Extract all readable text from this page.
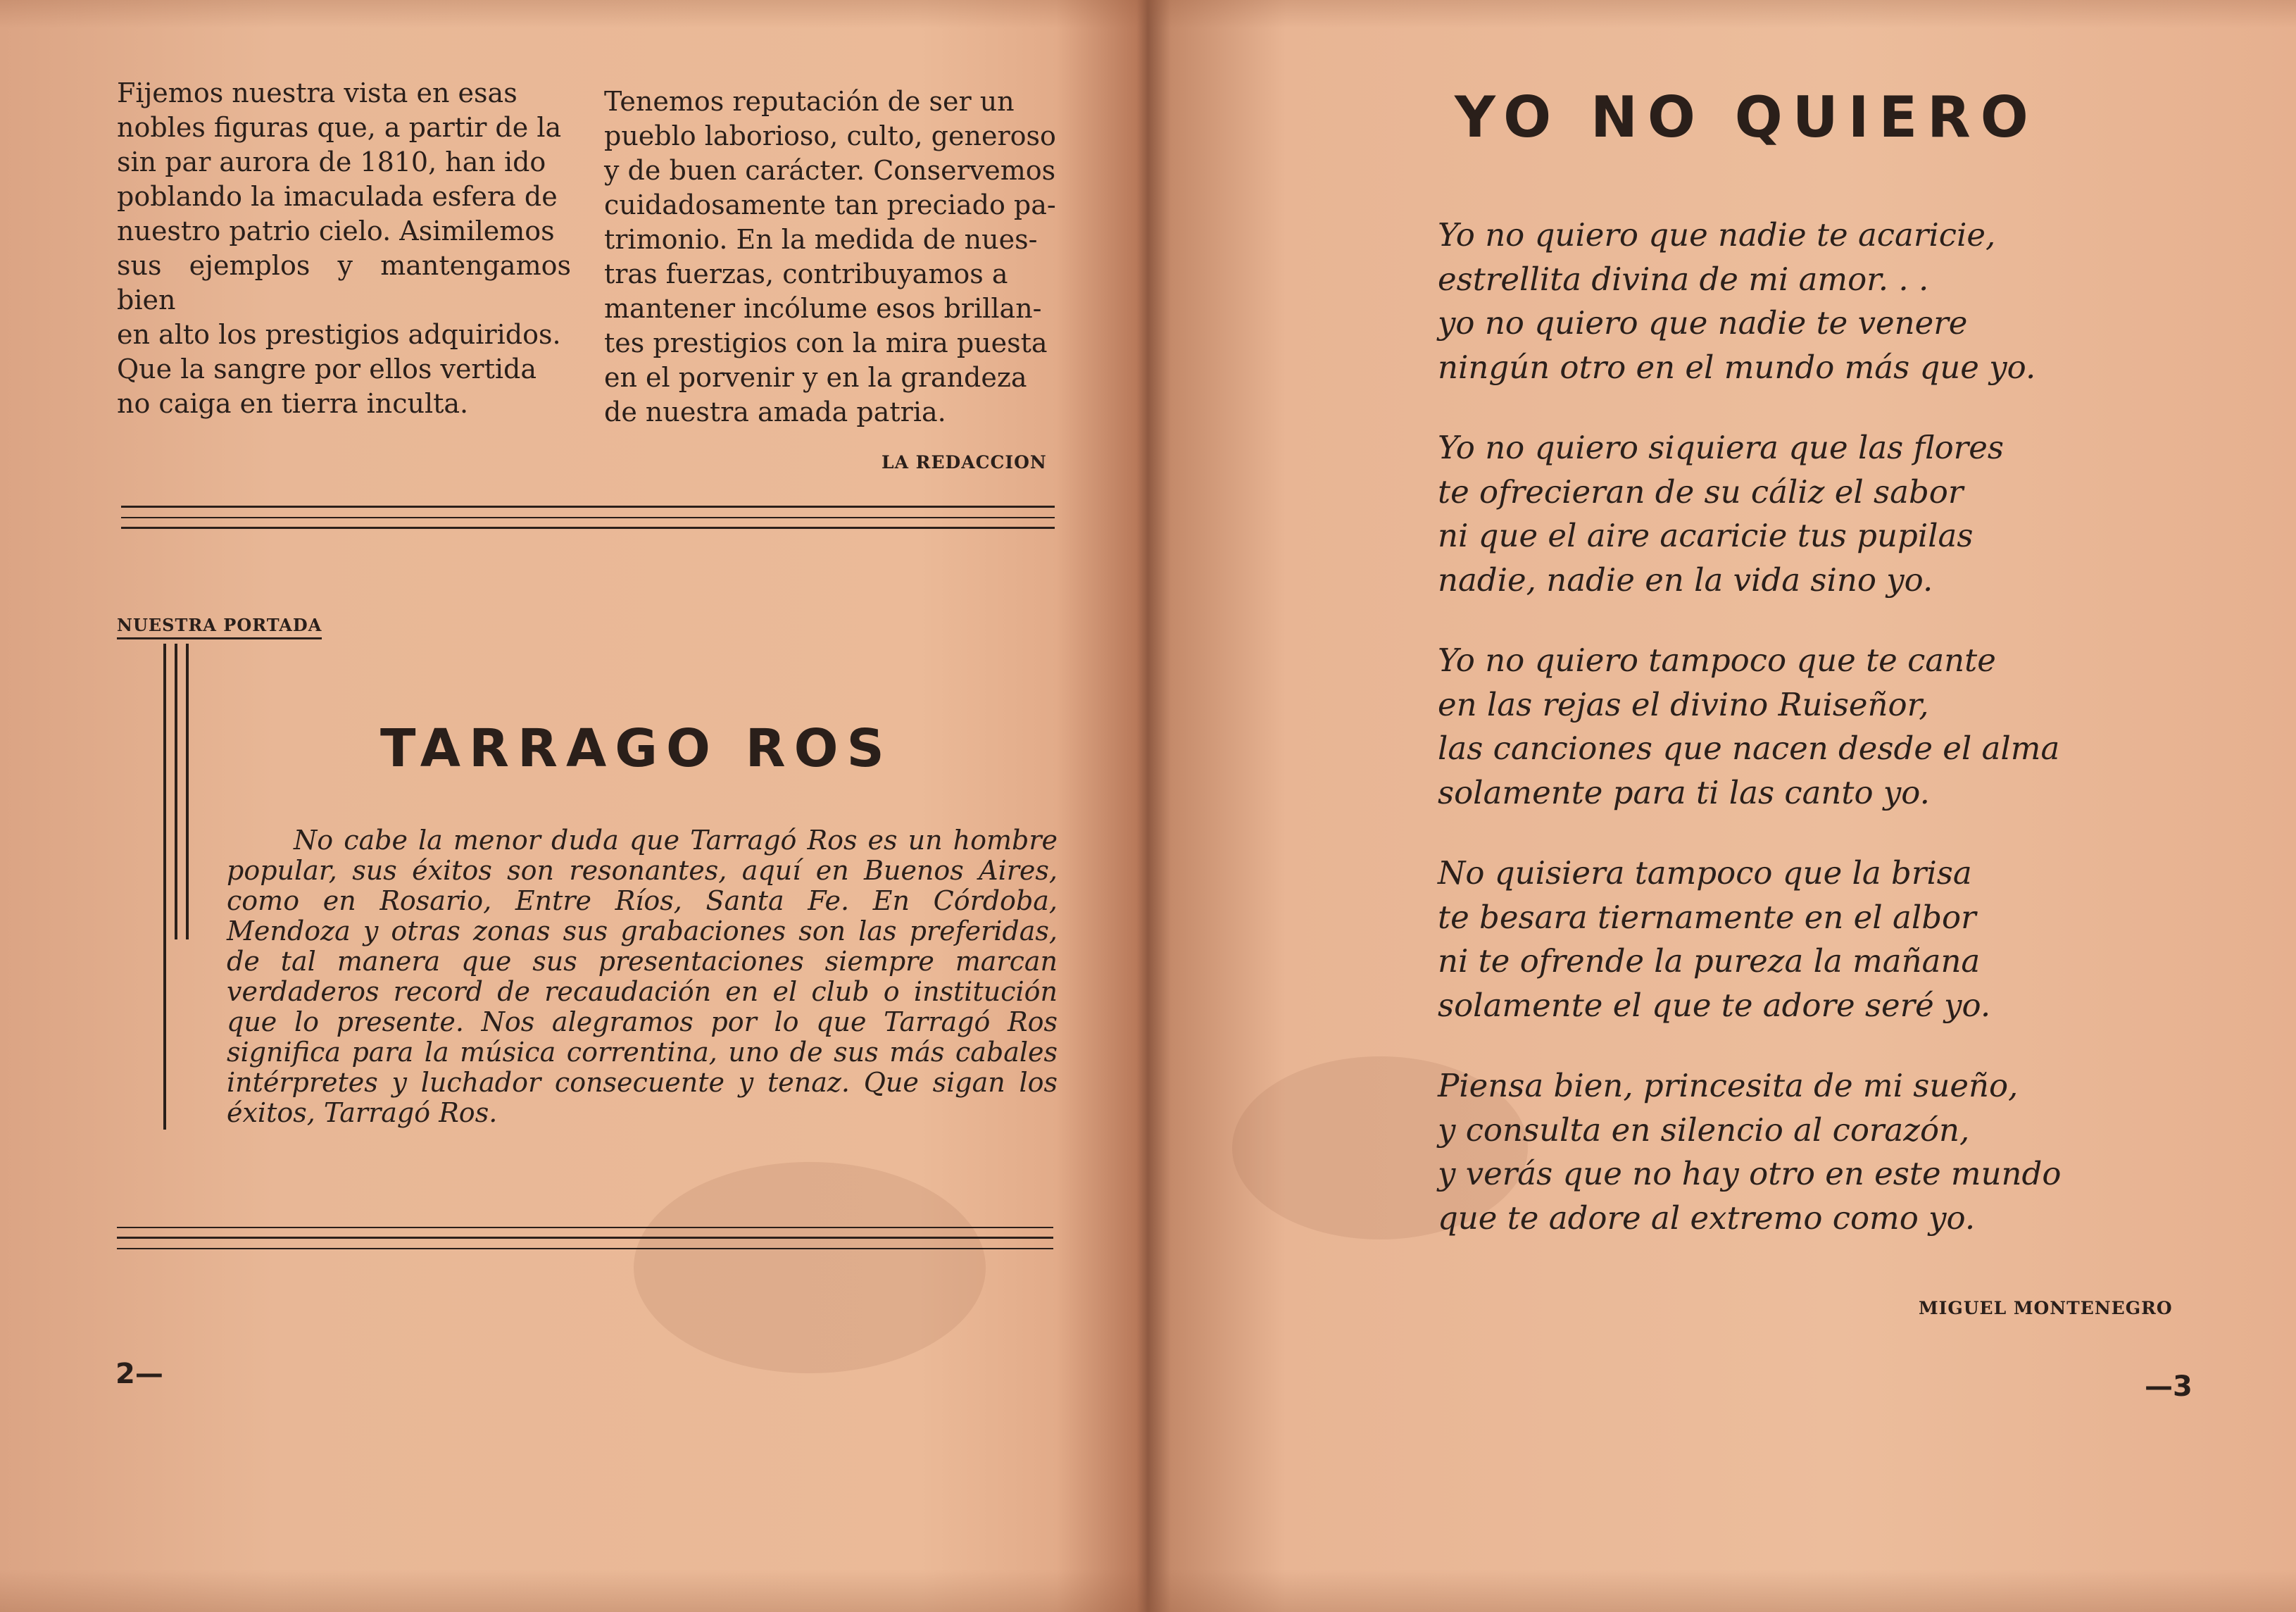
Fijemos nuestra vista en esas
nobles figuras que, a partir de la
sin par aurora de 1810, han ido
poblando la imaculada esfera de
nuestro patrio cielo. Asimilemos
sus ejemplos y mantengamos bien
en alto los prestigios adquiridos.
Que la sangre por ellos vertida
no caiga en tierra inculta.
Tenemos reputación de ser un
pueblo laborioso, culto, generoso
y de buen carácter. Conservemos
cuidadosamente tan preciado pa-
trimonio. En la medida de nues-
tras fuerzas, contribuyamos a
mantener incólume esos brillan-
tes prestigios con la mira puesta
en el porvenir y en la grandeza
de nuestra amada patria.
LA REDACCION
NUESTRA PORTADA
TARRAGO ROS
No cabe la menor duda que Tarragó Ros es un hombre popular, sus éxitos son resonantes, aquí en Buenos Aires, como en Rosario, Entre Ríos, Santa Fe. En Córdoba, Mendoza y otras zonas sus grabaciones son las preferidas, de tal manera que sus presentaciones siempre marcan verdaderos record de recaudación en el club o institución que lo presente. Nos alegramos por lo que Tarragó Ros significa para la música correntina, uno de sus más cabales intérpretes y luchador consecuente y tenaz. Que sigan los éxitos, Tarragó Ros.
2—
YO NO QUIERO
Yo no quiero que nadie te acaricie,
estrellita divina de mi amor. . .
yo no quiero que nadie te venere
ningún otro en el mundo más que yo.
Yo no quiero siquiera que las flores
te ofrecieran de su cáliz el sabor
ni que el aire acaricie tus pupilas
nadie, nadie en la vida sino yo.
Yo no quiero tampoco que te cante
en las rejas el divino Ruiseñor,
las canciones que nacen desde el alma
solamente para ti las canto yo.
No quisiera tampoco que la brisa
te besara tiernamente en el albor
ni te ofrende la pureza la mañana
solamente el que te adore seré yo.
Piensa bien, princesita de mi sueño,
y consulta en silencio al corazón,
y verás que no hay otro en este mundo
que te adore al extremo como yo.
MIGUEL MONTENEGRO
—3
